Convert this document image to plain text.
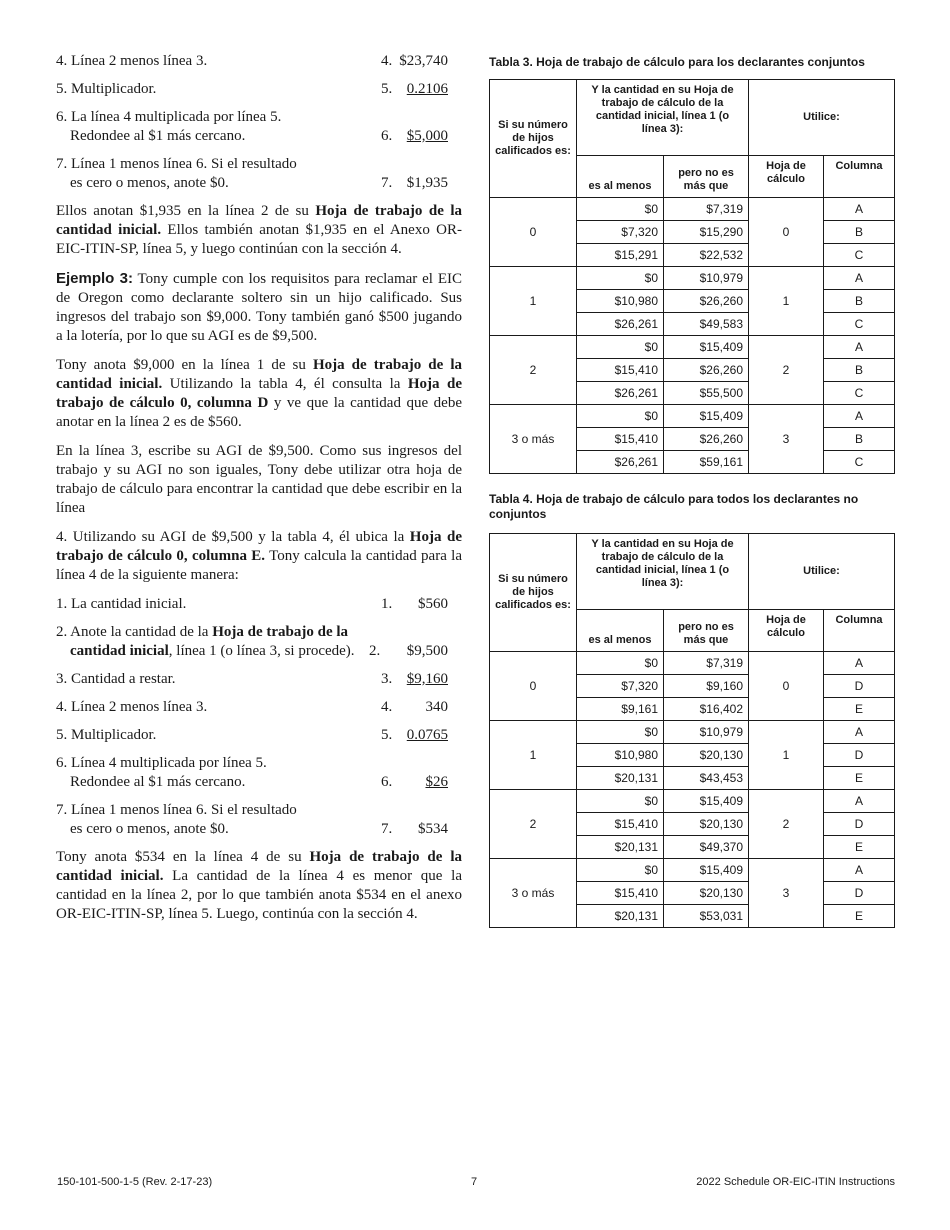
4. Línea 2 menos línea 3.	4. $23,740
5. Multiplicador.	5. 0.2106
6. La línea 4 multiplicada por línea 5.
Redondee al $1 más cercano.	6. $5,000
7. Línea 1 menos línea 6. Si el resultado
es cero o menos, anote $0.	7. $1,935

Ellos anotan $1,935 en la línea 2 de su Hoja de trabajo de la cantidad inicial. Ellos también anotan $1,935 en el Anexo OR-EIC-ITIN-SP, línea 5, y luego continúan con la sección 4.

Ejemplo 3: Tony cumple con los requisitos para reclamar el EIC de Oregon como declarante soltero sin un hijo calificado. Sus ingresos del trabajo son $9,000. Tony también ganó $500 jugando a la lotería, por lo que su AGI es de $9,500.

Tony anota $9,000 en la línea 1 de su Hoja de trabajo de la cantidad inicial. Utilizando la tabla 4, él consulta la Hoja de trabajo de cálculo 0, columna D y ve que la cantidad que debe anotar en la línea 2 es de $560.

En la línea 3, escribe su AGI de $9,500. Como sus ingresos del trabajo y su AGI no son iguales, Tony debe utilizar otra hoja de trabajo de cálculo para encontrar la cantidad que debe escribir en la línea

4. Utilizando su AGI de $9,500 y la tabla 4, él ubica la Hoja de trabajo de cálculo 0, columna E. Tony calcula la cantidad para la línea 4 de la siguiente manera:

1. La cantidad inicial.	1. $560
2. Anote la cantidad de la Hoja de trabajo de la
cantidad inicial, línea 1 (o línea 3, si procede). 2. $9,500
3. Cantidad a restar.	3. $9,160
4. Línea 2 menos línea 3.	4. 340
5. Multiplicador.	5. 0.0765
6. Línea 4 multiplicada por línea 5.
Redondee al $1 más cercano.	6. $26
7. Línea 1 menos línea 6. Si el resultado
es cero o menos, anote $0.	7. $534

Tony anota $534 en la línea 4 de su Hoja de trabajo de la cantidad inicial. La cantidad de la línea 4 es menor que la cantidad en la línea 2, por lo que también anota $534 en el anexo OR-EIC-ITIN-SP, línea 5. Luego, continúa con la sección 4.

Tabla 3. Hoja de trabajo de cálculo para los declarantes conjuntos
Si su número de hijos calificados es:	Y la cantidad en su Hoja de trabajo de cálculo de la cantidad inicial, línea 1 (o línea 3):		Utilice:	
	es al menos	pero no es más que	Hoja de cálculo	Columna
0	$0	$7,319	0	A
	$7,320	$15,290		B
	$15,291	$22,532		C
1	$0	$10,979	1	A
	$10,980	$26,260		B
	$26,261	$49,583		C
2	$0	$15,409	2	A
	$15,410	$26,260		B
	$26,261	$55,500		C
3 o más	$0	$15,409	3	A
	$15,410	$26,260		B
	$26,261	$59,161		C
Tabla 4. Hoja de trabajo de cálculo para todos los declarantes no conjuntos
Si su número de hijos calificados es:	Y la cantidad en su Hoja de trabajo de cálculo de la cantidad inicial, línea 1 (o línea 3):		Utilice:	
	es al menos	pero no es más que	Hoja de cálculo	Columna
0	$0	$7,319	0	A
	$7,320	$9,160		D
	$9,161	$16,402		E
1	$0	$10,979	1	A
	$10,980	$20,130		D
	$20,131	$43,453		E
2	$0	$15,409	2	A
	$15,410	$20,130		D
	$20,131	$49,370		E
3 o más	$0	$15,409	3	A
	$15,410	$20,130		D
	$20,131	$53,031		E
150-101-500-1-5 (Rev. 2-17-23)	7	2022 Schedule OR-EIC-ITIN Instructions
